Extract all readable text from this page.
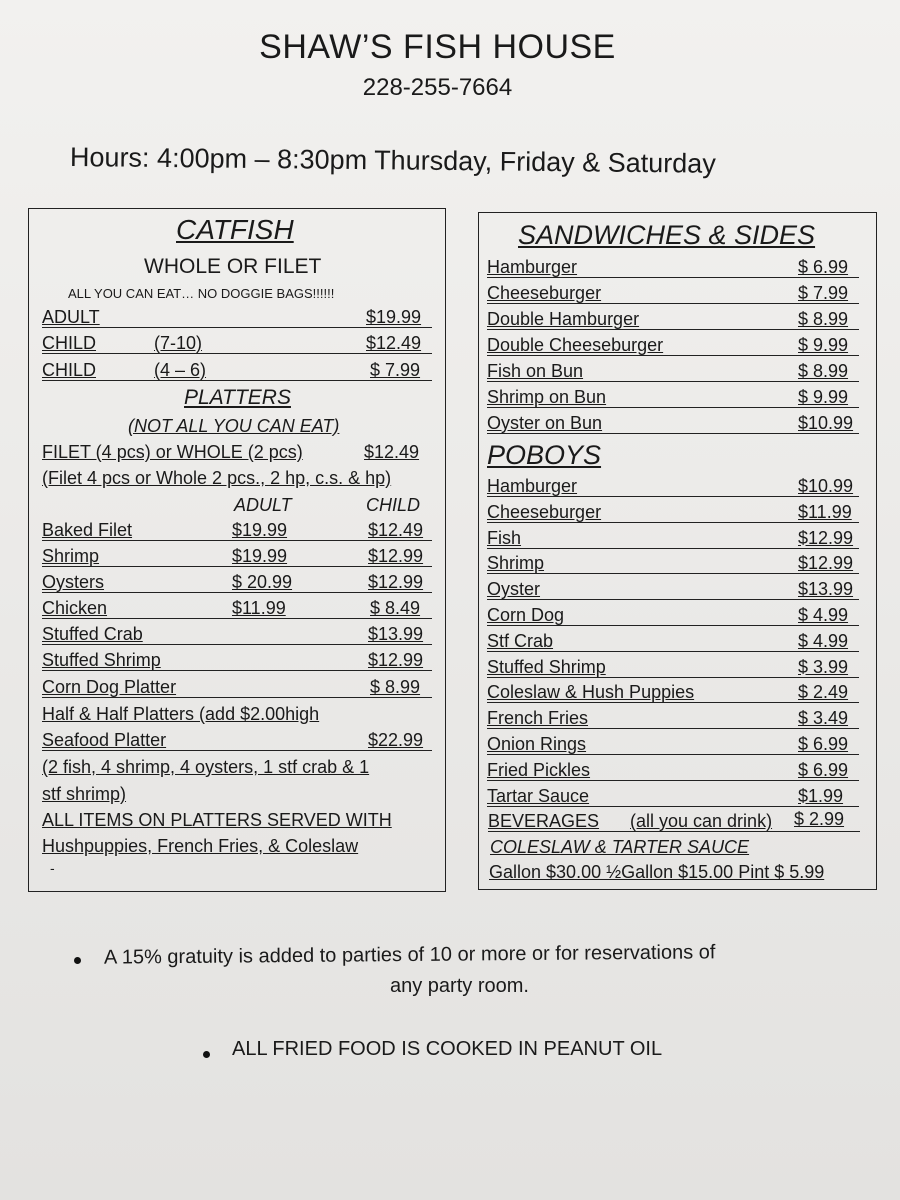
SHAW’S FISH HOUSE
228-255-7664
Hours: 4:00pm – 8:30pm Thursday, Friday & Saturday
CATFISH
WHOLE OR FILET
ALL YOU CAN EAT… NO DOGGIE BAGS!!!!!!
ADULT	$19.99
CHILD	(7-10)	$12.49
CHILD	(4 – 6)	$ 7.99
PLATTERS
(NOT ALL YOU CAN EAT)
FILET (4 pcs) or WHOLE (2 pcs)	$12.49
(Filet 4 pcs or Whole 2 pcs., 2 hp, c.s. & hp)
ADULT	CHILD
Baked Filet	$19.99	$12.49
Shrimp	$19.99	$12.99
Oysters	$ 20.99	$12.99
Chicken	$11.99	$ 8.49
Stuffed Crab	$13.99
Stuffed Shrimp	$12.99
Corn Dog Platter	$ 8.99
Half & Half Platters (add $2.00high
Seafood Platter	$22.99
(2 fish, 4 shrimp, 4 oysters, 1 stf crab & 1
stf shrimp)
ALL ITEMS ON PLATTERS SERVED WITH
Hushpuppies, French Fries, & Coleslaw
-
SANDWICHES & SIDES
Hamburger	$ 6.99
Cheeseburger	$ 7.99
Double Hamburger	$ 8.99
Double Cheeseburger	$ 9.99
Fish on Bun	$ 8.99
Shrimp on Bun	$ 9.99
Oyster on Bun	$10.99
POBOYS
Hamburger	$10.99
Cheeseburger	$11.99
Fish	$12.99
Shrimp	$12.99
Oyster	$13.99
Corn Dog	$ 4.99
Stf Crab	$ 4.99
Stuffed Shrimp	$ 3.99
Coleslaw & Hush Puppies	$ 2.49
French Fries	$ 3.49
Onion Rings	$ 6.99
Fried Pickles	$ 6.99
Tartar Sauce	$1.99
BEVERAGES (all you can drink) $ 2.99
COLESLAW & TARTER SAUCE
Gallon $30.00 ½Gallon $15.00 Pint $ 5.99
A 15% gratuity is added to parties of 10 or more or for reservations of
any party room.
ALL FRIED FOOD IS COOKED IN PEANUT OIL
